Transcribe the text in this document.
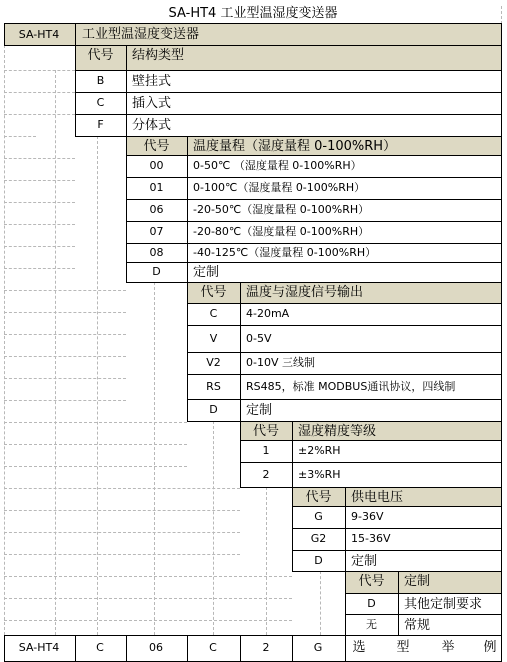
SA-HT4 工业型温湿度变送器
SA-HT4 工业型温湿度变送器
代号 结构类型
B 壁挂式
C 插入式
F 分体式
代号 温度量程（湿度量程 0-100%RH）
00	0-50℃ （湿度量程 0-100%RH）
01	0-100℃（湿度量程 0-100%RH）
06	-20-50℃（湿度量程 0-100%RH）
07	-20-80℃（湿度量程 0-100%RH）
08	-40-125℃（湿度量程 0-100%RH）
D 定制
代号 温度与湿度信号输出
C	4-20mA
V	0-5V
V2 0-10V 三线制
RS RS485，标准 MODBUS通讯协议，四线制
D 定制
代号 湿度精度等级
1	±2%RH
2	±3%RH
代号 供电电压
G	9-36V
G2 15-36V
D 定制
代号 定制
D 其他定制要求
无 常规
SA-HT4	C	06	C	2	G 选 型 举 例
